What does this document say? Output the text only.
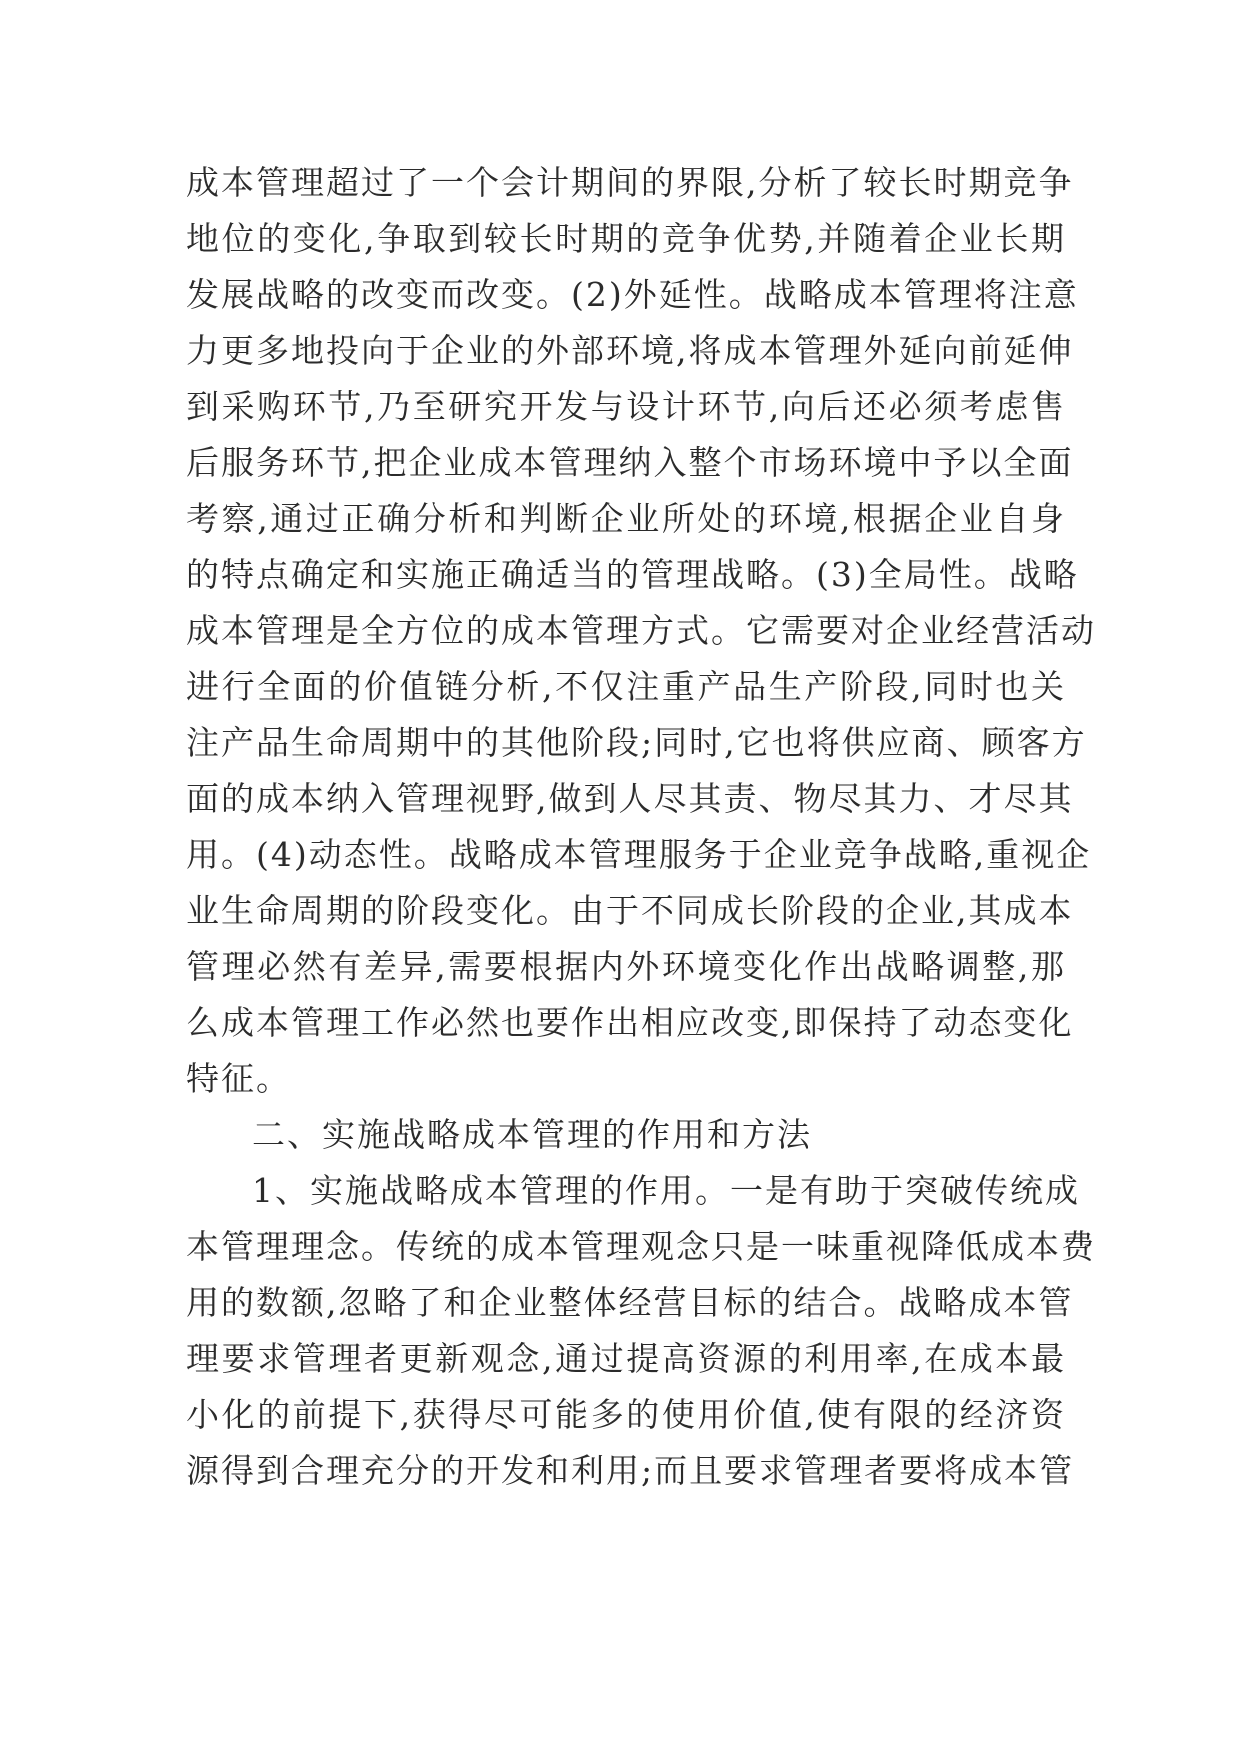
成本管理超过了一个会计期间的界限,分析了较长时期竞争
地位的变化,争取到较长时期的竞争优势,并随着企业长期
发展战略的改变而改变。(2)外延性。战略成本管理将注意
力更多地投向于企业的外部环境,将成本管理外延向前延伸
到采购环节,乃至研究开发与设计环节,向后还必须考虑售
后服务环节,把企业成本管理纳入整个市场环境中予以全面
考察,通过正确分析和判断企业所处的环境,根据企业自身
的特点确定和实施正确适当的管理战略。(3)全局性。战略
成本管理是全方位的成本管理方式。它需要对企业经营活动
进行全面的价值链分析,不仅注重产品生产阶段,同时也关
注产品生命周期中的其他阶段;同时,它也将供应商、顾客方
面的成本纳入管理视野,做到人尽其责、物尽其力、才尽其
用。(4)动态性。战略成本管理服务于企业竞争战略,重视企
业生命周期的阶段变化。由于不同成长阶段的企业,其成本
管理必然有差异,需要根据内外环境变化作出战略调整,那
么成本管理工作必然也要作出相应改变,即保持了动态变化
特征。
二、实施战略成本管理的作用和方法
1、实施战略成本管理的作用。一是有助于突破传统成
本管理理念。传统的成本管理观念只是一味重视降低成本费
用的数额,忽略了和企业整体经营目标的结合。战略成本管
理要求管理者更新观念,通过提高资源的利用率,在成本最
小化的前提下,获得尽可能多的使用价值,使有限的经济资
源得到合理充分的开发和利用;而且要求管理者要将成本管
